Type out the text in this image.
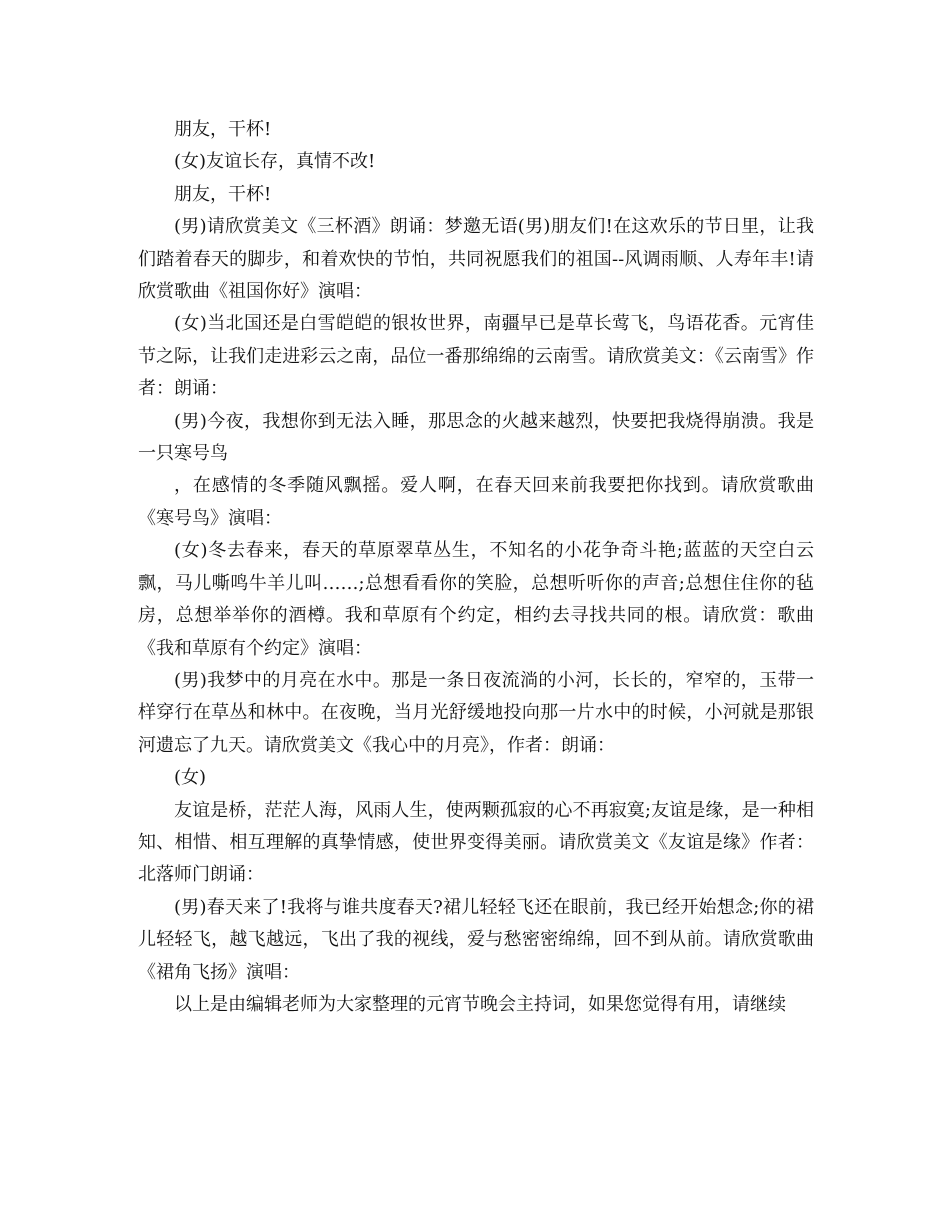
朋友，干杯!

(女)友谊长存，真情不改!

朋友，干杯!

(男)请欣赏美文《三杯酒》朗诵：梦邀无语(男)朋友们!在这欢乐的节日里，让我们踏着春天的脚步，和着欢快的节怕，共同祝愿我们的祖国--风调雨顺、人寿年丰!请欣赏歌曲《祖国你好》演唱：

(女)当北国还是白雪皑皑的银妆世界，南疆早已是草长莺飞，鸟语花香。元宵佳节之际，让我们走进彩云之南，品位一番那绵绵的云南雪。请欣赏美文：《云南雪》作者：朗诵：

(男)今夜，我想你到无法入睡，那思念的火越来越烈，快要把我烧得崩溃。我是一只寒号鸟

，在感情的冬季随风飘摇。爱人啊，在春天回来前我要把你找到。请欣赏歌曲《寒号鸟》演唱：

(女)冬去春来，春天的草原翠草丛生，不知名的小花争奇斗艳;蓝蓝的天空白云飘，马儿嘶鸣牛羊儿叫……;总想看看你的笑脸，总想听听你的声音;总想住住你的毡房，总想举举你的酒樽。我和草原有个约定，相约去寻找共同的根。请欣赏：歌曲《我和草原有个约定》演唱：

(男)我梦中的月亮在水中。那是一条日夜流淌的小河，长长的，窄窄的，玉带一样穿行在草丛和林中。在夜晚，当月光舒缓地投向那一片水中的时候，小河就是那银河遗忘了九天。请欣赏美文《我心中的月亮》，作者：朗诵：

(女)

友谊是桥，茫茫人海，风雨人生，使两颗孤寂的心不再寂寞;友谊是缘，是一种相知、相惜、相互理解的真挚情感，使世界变得美丽。请欣赏美文《友谊是缘》作者：北落师门朗诵：

(男)春天来了!我将与谁共度春天?裙儿轻轻飞还在眼前，我已经开始想念;你的裙儿轻轻飞，越飞越远，飞出了我的视线，爱与愁密密绵绵，回不到从前。请欣赏歌曲《裙角飞扬》演唱：

以上是由编辑老师为大家整理的元宵节晚会主持词，如果您觉得有用，请继续
